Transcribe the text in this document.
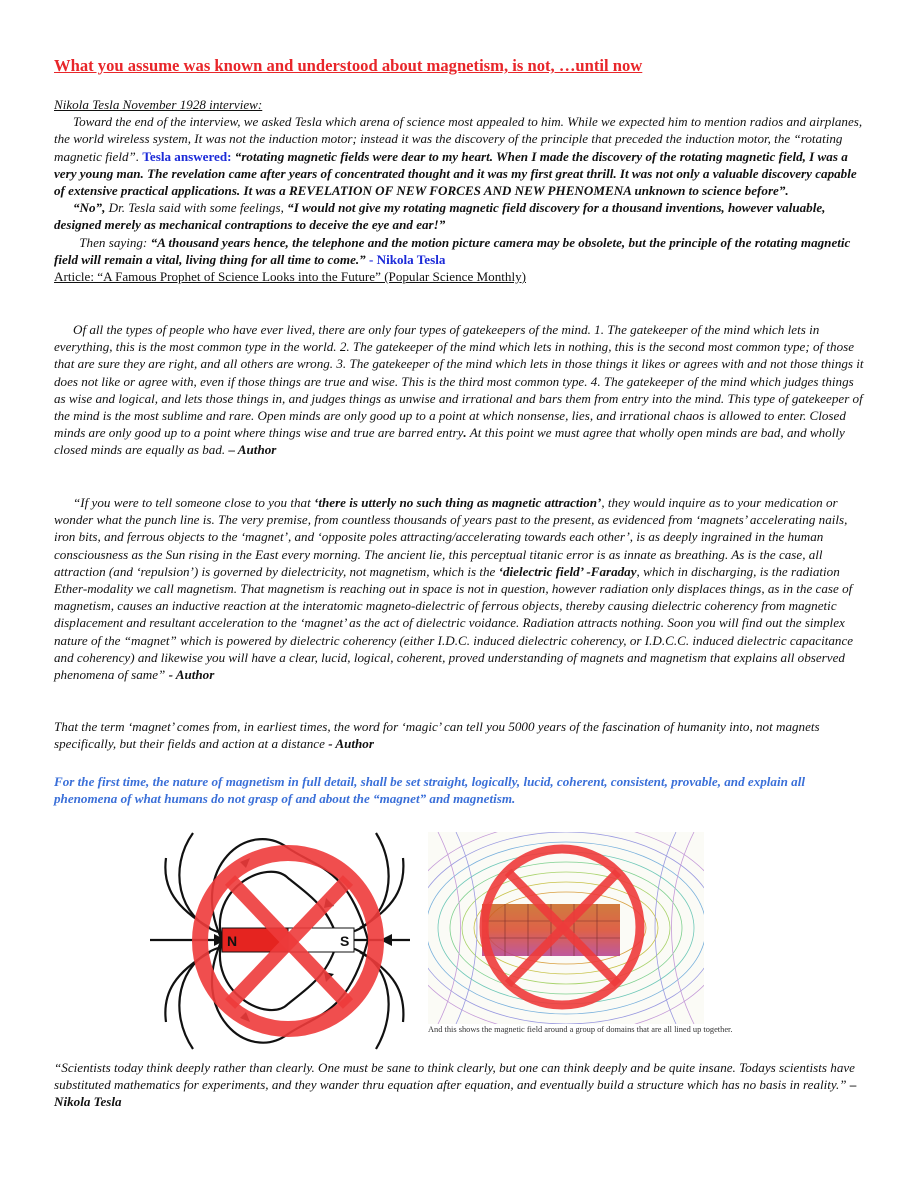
What you assume was known and understood about magnetism, is not, …until now
Nikola Tesla November 1928 interview:
Toward the end of the interview, we asked Tesla which arena of science most appealed to him. While we expected him to mention radios and airplanes, the world wireless system, It was not the induction motor; instead it was the discovery of the principle that preceded the induction motor, the “rotating magnetic field”. Tesla answered: “rotating magnetic fields were dear to my heart. When I made the discovery of the rotating magnetic field, I was a very young man. The revelation came after years of concentrated thought and it was my first great thrill. It was not only a valuable discovery capable of extensive practical applications. It was a REVELATION OF NEW FORCES AND NEW PHENOMENA unknown to science before”.
“No”, Dr. Tesla said with some feelings, “I would not give my rotating magnetic field discovery for a thousand inventions, however valuable, designed merely as mechanical contraptions to deceive the eye and ear!”
Then saying: “A thousand years hence, the telephone and the motion picture camera may be obsolete, but the principle of the rotating magnetic field will remain a vital, living thing for all time to come.” - Nikola Tesla
Article: “A Famous Prophet of Science Looks into the Future” (Popular Science Monthly)

Of all the types of people who have ever lived, there are only four types of gatekeepers of the mind. 1. The gatekeeper of the mind which lets in everything, this is the most common type in the world. 2. The gatekeeper of the mind which lets in nothing, this is the second most common type; of those that are sure they are right, and all others are wrong. 3. The gatekeeper of the mind which lets in those things it likes or agrees with and not those things it does not like or agree with, even if those things are true and wise. This is the third most common type. 4. The gatekeeper of the mind which judges things as wise and logical, and lets those things in, and judges things as unwise and irrational and bars them from entry into the mind. This type of gatekeeper of the mind is the most sublime and rare. Open minds are only good up to a point at which nonsense, lies, and irrational chaos is allowed to enter. Closed minds are only good up to a point where things wise and true are barred entry. At this point we must agree that wholly open minds are bad, and wholly closed minds are equally as bad. – Author

“If you were to tell someone close to you that ‘there is utterly no such thing as magnetic attraction’, they would inquire as to your medication or wonder what the punch line is. The very premise, from countless thousands of years past to the present, as evidenced from ‘magnets’ accelerating nails, iron bits, and ferrous objects to the ‘magnet’, and ‘opposite poles attracting/accelerating towards each other’, is as deeply ingrained in the human consciousness as the Sun rising in the East every morning. The ancient lie, this perceptual titanic error is as innate as breathing. As is the case, all attraction (and ‘repulsion’) is governed by dielectricity, not magnetism, which is the ‘dielectric field’ -Faraday, which in discharging, is the radiation Ether-modality we call magnetism. That magnetism is reaching out in space is not in question, however radiation only displaces things, as in the case of magnetism, causes an inductive reaction at the interatomic magneto-dielectric of ferrous objects, thereby causing dielectric coherency from magnetic displacement and resultant acceleration to the ‘magnet’ as the act of dielectric voidance. Radiation attracts nothing. Soon you will find out the simplex nature of the “magnet” which is powered by dielectric coherency (either I.D.C. induced dielectric coherency, or I.D.C.C. induced dielectric capacitance and coherency) and likewise you will have a clear, lucid, logical, coherent, proved understanding of magnets and magnetism that explains all observed phenomena of same” - Author

That the term ‘magnet’ comes from, in earliest times, the word for ‘magic’ can tell you 5000 years of the fascination of humanity into, not magnets specifically, but their fields and action at a distance - Author

For the first time, the nature of magnetism in full detail, shall be set straight, logically, lucid, coherent, consistent, provable, and explain all phenomena of what humans do not grasp of and about the “magnet” and magnetism.

“Scientists today think deeply rather than clearly. One must be sane to think clearly, but one can think deeply and be quite insane. Todays scientists have substituted mathematics for experiments, and they wander thru equation after equation, and eventually build a structure which has no basis in reality.” – Nikola Tesla

N	S
And this shows the magnetic field around a group of domains that are all lined up together.
